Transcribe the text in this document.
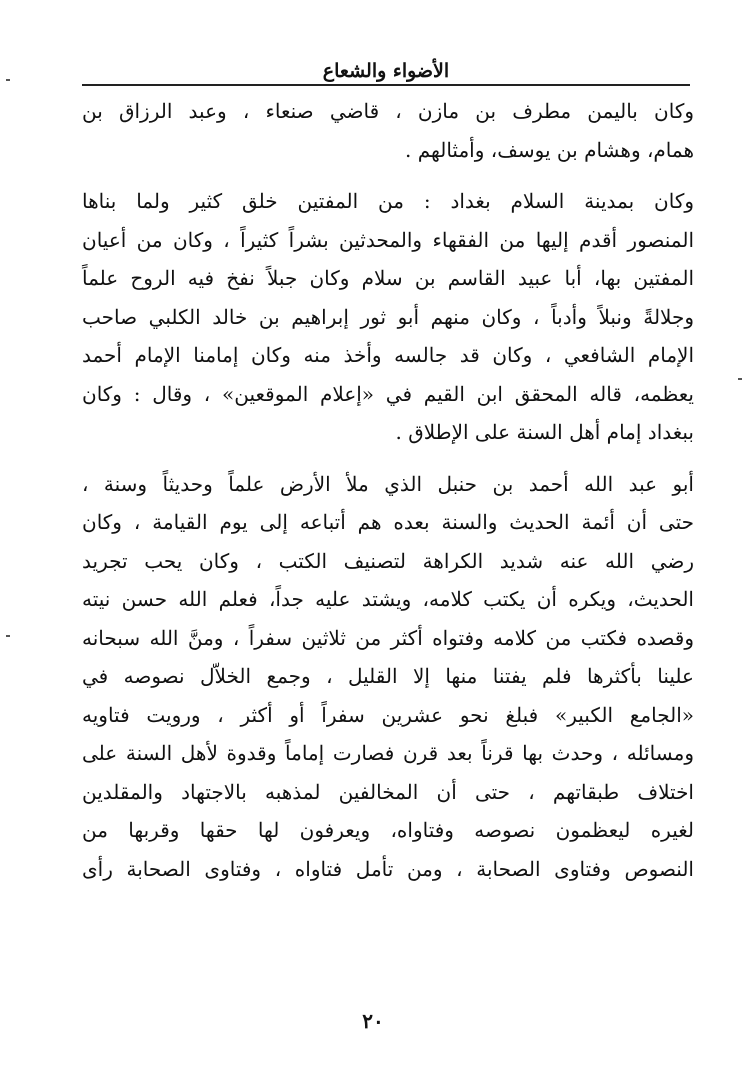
الأضواء والشعاع
وكان باليمن مطرف بن مازن ، قاضي صنعاء ، وعبد الرزاق بن
همام، وهشام بن يوسف، وأمثالهم .
وكان بمدينة السلام بغداد : من المفتين خلق كثير ولما بناها
المنصور أقدم إليها من الفقهاء والمحدثين بشراً كثيراً ، وكان من أعيان
المفتين بها، أبا عبيد القاسم بن سلام وكان جبلاً نفخ فيه الروح علماً
وجلالةً ونبلاً وأدباً ، وكان منهم أبو ثور إبراهيم بن خالد الكلبي صاحب
الإمام الشافعي ، وكان قد جالسه وأخذ منه وكان إمامنا الإمام أحمد
يعظمه، قاله المحقق ابن القيم في «إعلام الموقعين» ، وقال : وكان
ببغداد إمام أهل السنة على الإطلاق .
أبو عبد الله أحمد بن حنبل الذي ملأ الأرض علماً وحديثاً وسنة ،
حتى أن أئمة الحديث والسنة بعده هم أتباعه إلى يوم القيامة ، وكان
رضي الله عنه شديد الكراهة لتصنيف الكتب ، وكان يحب تجريد
الحديث، ويكره أن يكتب كلامه، ويشتد عليه جداً، فعلم الله حسن نيته
وقصده فكتب من كلامه وفتواه أكثر من ثلاثين سفراً ، ومنَّ الله سبحانه
علينا بأكثرها فلم يفتنا منها إلا القليل ، وجمع الخلاّل نصوصه في
«الجامع الكبير» فبلغ نحو عشرين سفراً أو أكثر ، ورويت فتاويه
ومسائله ، وحدث بها قرناً بعد قرن فصارت إماماً وقدوة لأهل السنة على
اختلاف طبقاتهم ، حتى أن المخالفين لمذهبه بالاجتهاد والمقلدين
لغيره ليعظمون نصوصه وفتاواه، ويعرفون لها حقها وقربها من
النصوص وفتاوى الصحابة ، ومن تأمل فتاواه ، وفتاوى الصحابة رأى
٢٠
